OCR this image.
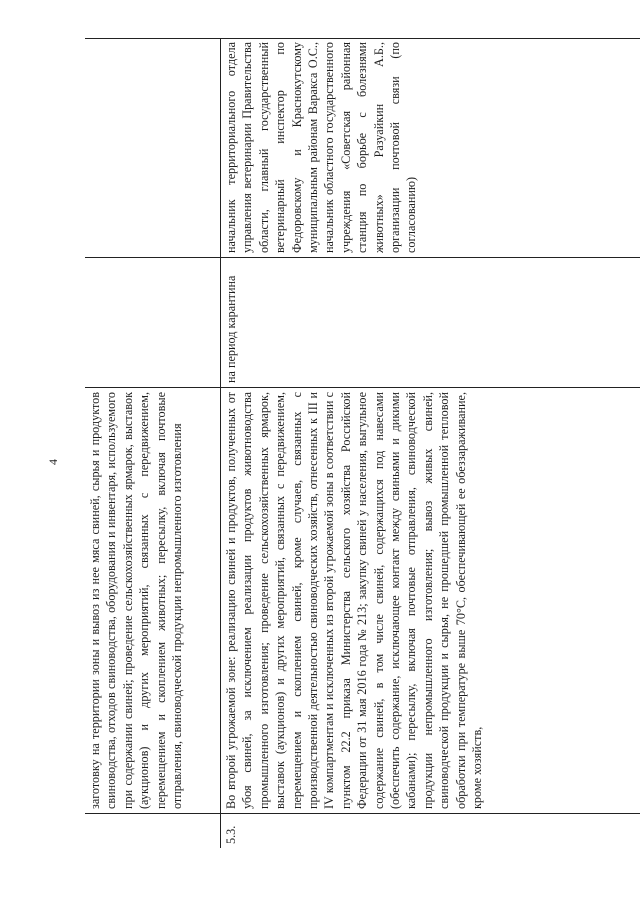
4 заготовку на территории зоны и вывоз из нее мяса свиней, сырья и продуктов свиноводства, отходов свиноводства, оборудования и инвентаря, используемого при содержании свиней; проведение сельскохозяйственных ярмарок, выставок (аукционов) и других мероприятий, связанных с передвижением, перемещением и скоплением животных; пересылку, включая почтовые отправления, свиноводческой продукции непромышленного изготовления
5.3.
Во второй угрожаемой зоне: реализацию свиней и продуктов, полученных от убоя свиней, за исключением реализации продуктов животноводства промышленного изготовления; проведение сельскохозяйственных ярмарок, выставок (аукционов) и других мероприятий, связанных с передвижением, перемещением и скоплением свиней, кроме случаев, связанных с производственной деятельностью свиноводческих хозяйств, отнесенных к III и IV компартментам и исключенных из второй угрожаемой зоны в соответствии с пунктом 22.2 приказа Министерства сельского хозяйства Российской Федерации от 31 мая 2016 года № 213; закупку свиней у населения, выгульное содержание свиней, в том числе свиней, содержащихся под навесами (обеспечить содержание, исключающее контакт между свиньями и дикими кабанами); пересылку, включая почтовые отправления, свиноводческой продукции непромышленного изготовления; вывоз живых свиней, свиноводческой продукции и сырья, не прошедшей промышленной тепловой обработки при температуре выше 70°С, обеспечивающей ее обеззараживание, кроме хозяйств,
на период карантина
начальник территориального отдела управления ветеринарии Правительства области, главный государственный ветеринарный инспектор по Федоровскому и Краснокутскому муниципальным районам Варакса О.С., начальник областного государственного учреждения «Советская районная станция по борьбе с болезнями животных» Разуайкин А.Б., организации почтовой связи (по согласованию)
